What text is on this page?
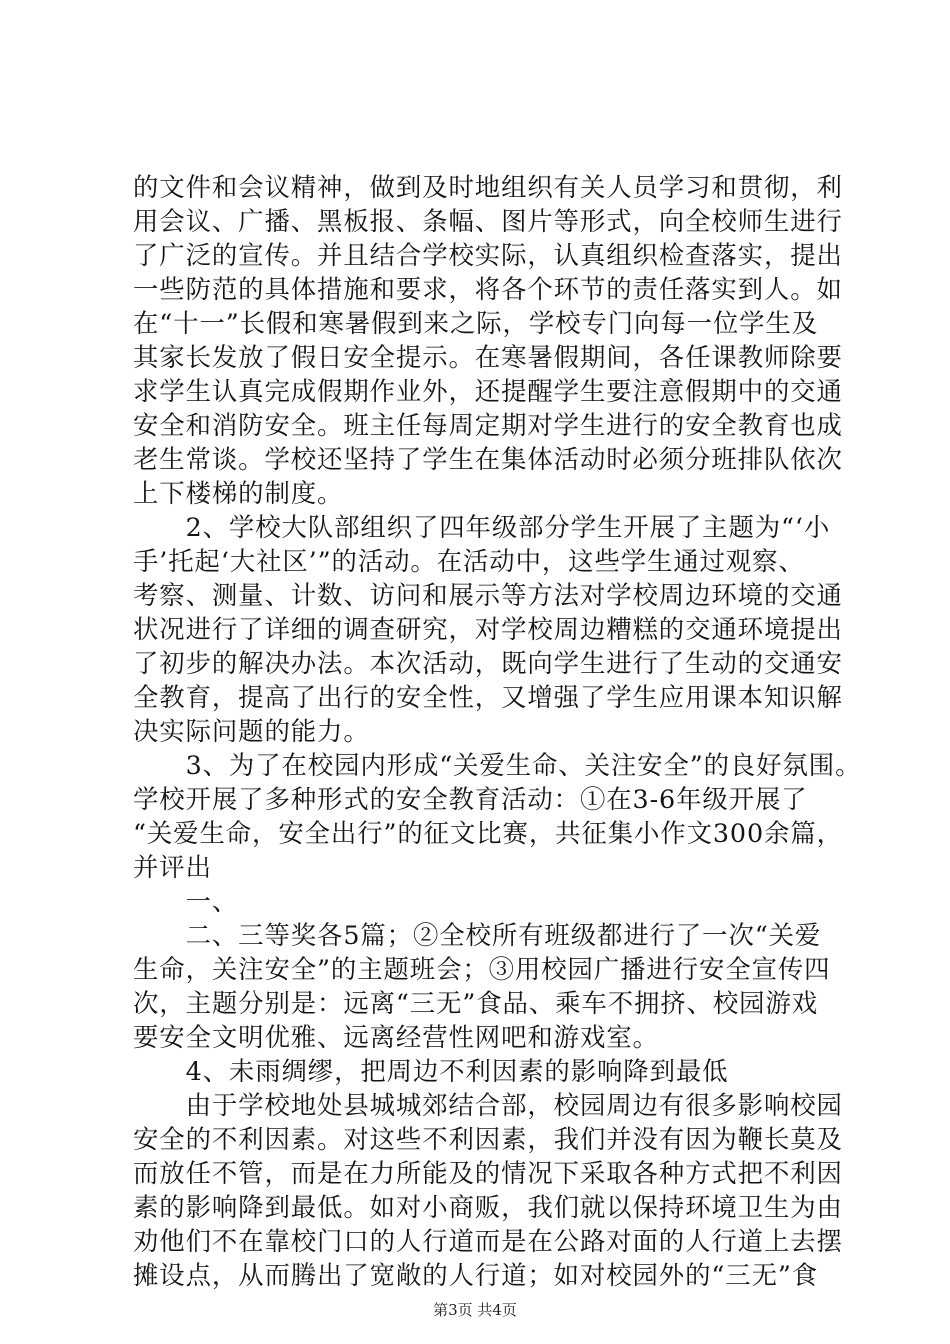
的文件和会议精神，做到及时地组织有关人员学习和贯彻，利
用会议、广播、黑板报、条幅、图片等形式，向全校师生进行
了广泛的宣传。并且结合学校实际，认真组织检查落实，提出
一些防范的具体措施和要求，将各个环节的责任落实到人。如
在“十一”长假和寒暑假到来之际，学校专门向每一位学生及
其家长发放了假日安全提示。在寒暑假期间，各任课教师除要
求学生认真完成假期作业外，还提醒学生要注意假期中的交通
安全和消防安全。班主任每周定期对学生进行的安全教育也成
老生常谈。学校还坚持了学生在集体活动时必须分班排队依次
上下楼梯的制度。
　　2、学校大队部组织了四年级部分学生开展了主题为“‘小
手’托起‘大社区’”的活动。在活动中，这些学生通过观察、
考察、测量、计数、访问和展示等方法对学校周边环境的交通
状况进行了详细的调查研究，对学校周边糟糕的交通环境提出
了初步的解决办法。本次活动，既向学生进行了生动的交通安
全教育，提高了出行的安全性，又增强了学生应用课本知识解
决实际问题的能力。
　　3、为了在校园内形成“关爱生命、关注安全”的良好氛围。
学校开展了多种形式的安全教育活动：①在3-6年级开展了
“关爱生命，安全出行”的征文比赛，共征集小作文300余篇，
并评出
　　一、
　　二、三等奖各5篇；②全校所有班级都进行了一次“关爱
生命，关注安全”的主题班会；③用校园广播进行安全宣传四
次，主题分别是：远离“三无”食品、乘车不拥挤、校园游戏
要安全文明优雅、远离经营性网吧和游戏室。
　　4、未雨绸缪，把周边不利因素的影响降到最低
　　由于学校地处县城城郊结合部，校园周边有很多影响校园
安全的不利因素。对这些不利因素，我们并没有因为鞭长莫及
而放任不管，而是在力所能及的情况下采取各种方式把不利因
素的影响降到最低。如对小商贩，我们就以保持环境卫生为由
劝他们不在靠校门口的人行道而是在公路对面的人行道上去摆
摊设点，从而腾出了宽敞的人行道；如对校园外的“三无”食
第3页 共4页
